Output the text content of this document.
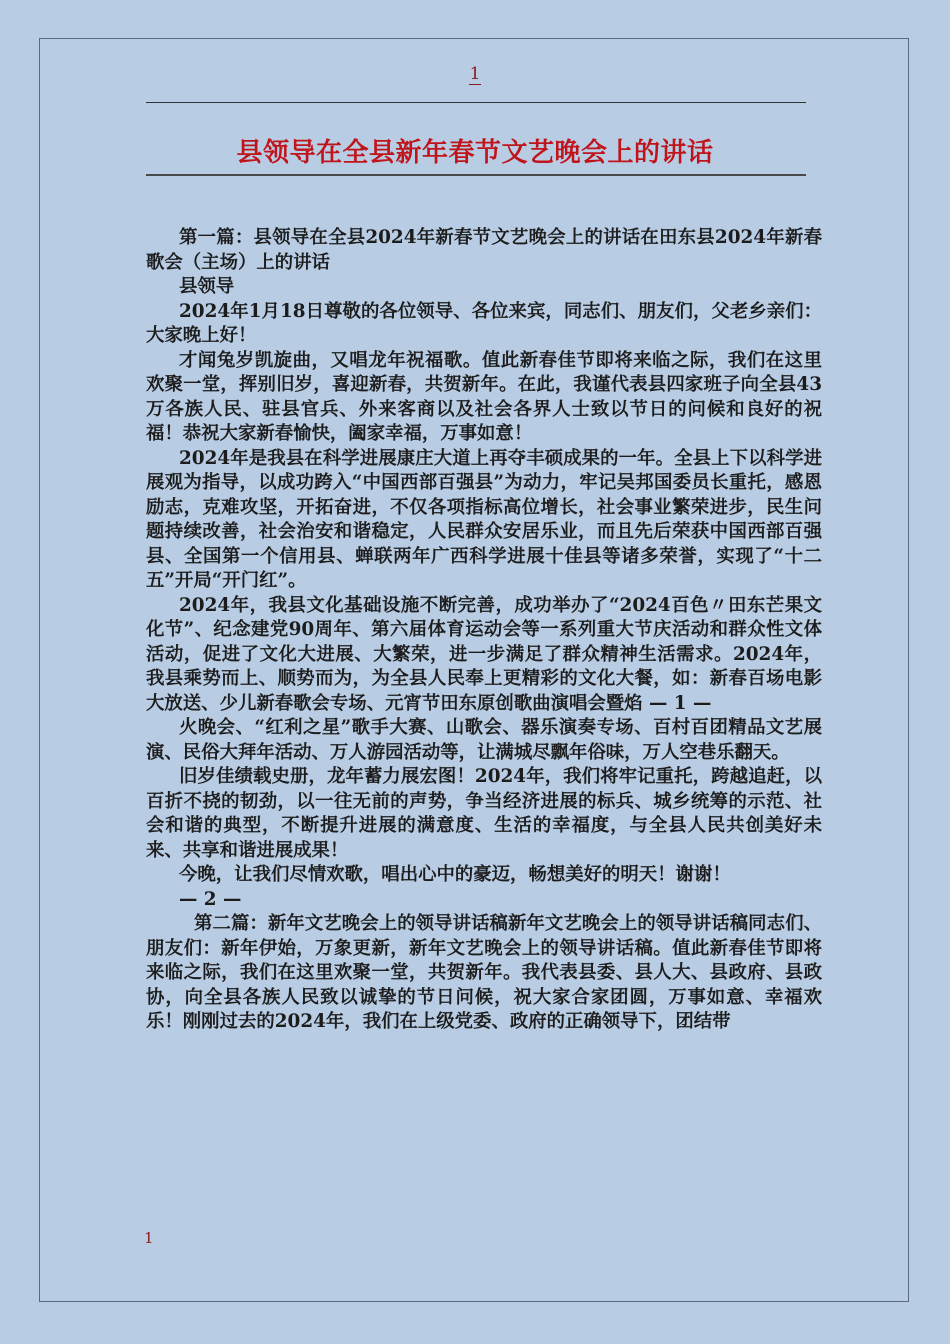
1
县领导在全县新年春节文艺晚会上的讲话

第一篇：县领导在全县2024年新春节文艺晚会上的讲话在田东县2024年新春歌会（主场）上的讲话

县领导

2024年1月18日尊敬的各位领导、各位来宾，同志们、朋友们，父老乡亲们： 大家晚上好！

才闻兔岁凯旋曲，又唱龙年祝福歌。值此新春佳节即将来临之际，我们在这里欢聚一堂，挥别旧岁，喜迎新春，共贺新年。在此，我谨代表县四家班子向全县43万各族人民、驻县官兵、外来客商以及社会各界人士致以节日的问候和良好的祝福！恭祝大家新春愉快，阖家幸福，万事如意！

2024年是我县在科学进展康庄大道上再夺丰硕成果的一年。全县上下以科学进展观为指导，以成功跨入“中国西部百强县”为动力，牢记吴邦国委员长重托，感恩励志，克难攻坚，开拓奋进，不仅各项指标高位增长，社会事业繁荣进步，民生问题持续改善，社会治安和谐稳定，人民群众安居乐业，而且先后荣获中国西部百强县、全国第一个信用县、蝉联两年广西科学进展十佳县等诸多荣誉，实现了“十二五”开局“开门红”。

2024年，我县文化基础设施不断完善，成功举办了“2024百色〃田东芒果文化节”、纪念建党90周年、第六届体育运动会等一系列重大节庆活动和群众性文体活动，促进了文化大进展、大繁荣，进一步满足了群众精神生活需求。2024年，我县乘势而上、顺势而为，为全县人民奉上更精彩的文化大餐，如：新春百场电影大放送、少儿新春歌会专场、元宵节田东原创歌曲演唱会暨焰 — 1 —

火晚会、“红利之星”歌手大赛、山歌会、器乐演奏专场、百村百团精品文艺展演、民俗大拜年活动、万人游园活动等，让满城尽飘年俗味，万人空巷乐翻天。

旧岁佳绩载史册，龙年蓄力展宏图！2024年，我们将牢记重托，跨越追赶，以百折不挠的韧劲，以一往无前的声势，争当经济进展的标兵、城乡统筹的示范、社会和谐的典型，不断提升进展的满意度、生活的幸福度，与全县人民共创美好未来、共享和谐进展成果！

今晚，让我们尽情欢歌，唱出心中的豪迈，畅想美好的明天！谢谢！

— 2 —

第二篇：新年文艺晚会上的领导讲话稿新年文艺晚会上的领导讲话稿同志们、朋友们：新年伊始，万象更新，新年文艺晚会上的领导讲话稿。值此新春佳节即将来临之际，我们在这里欢聚一堂，共贺新年。我代表县委、县人大、县政府、县政协，向全县各族人民致以诚挚的节日问候，祝大家合家团圆，万事如意、幸福欢乐！刚刚过去的2024年，我们在上级党委、政府的正确领导下，团结带

1
